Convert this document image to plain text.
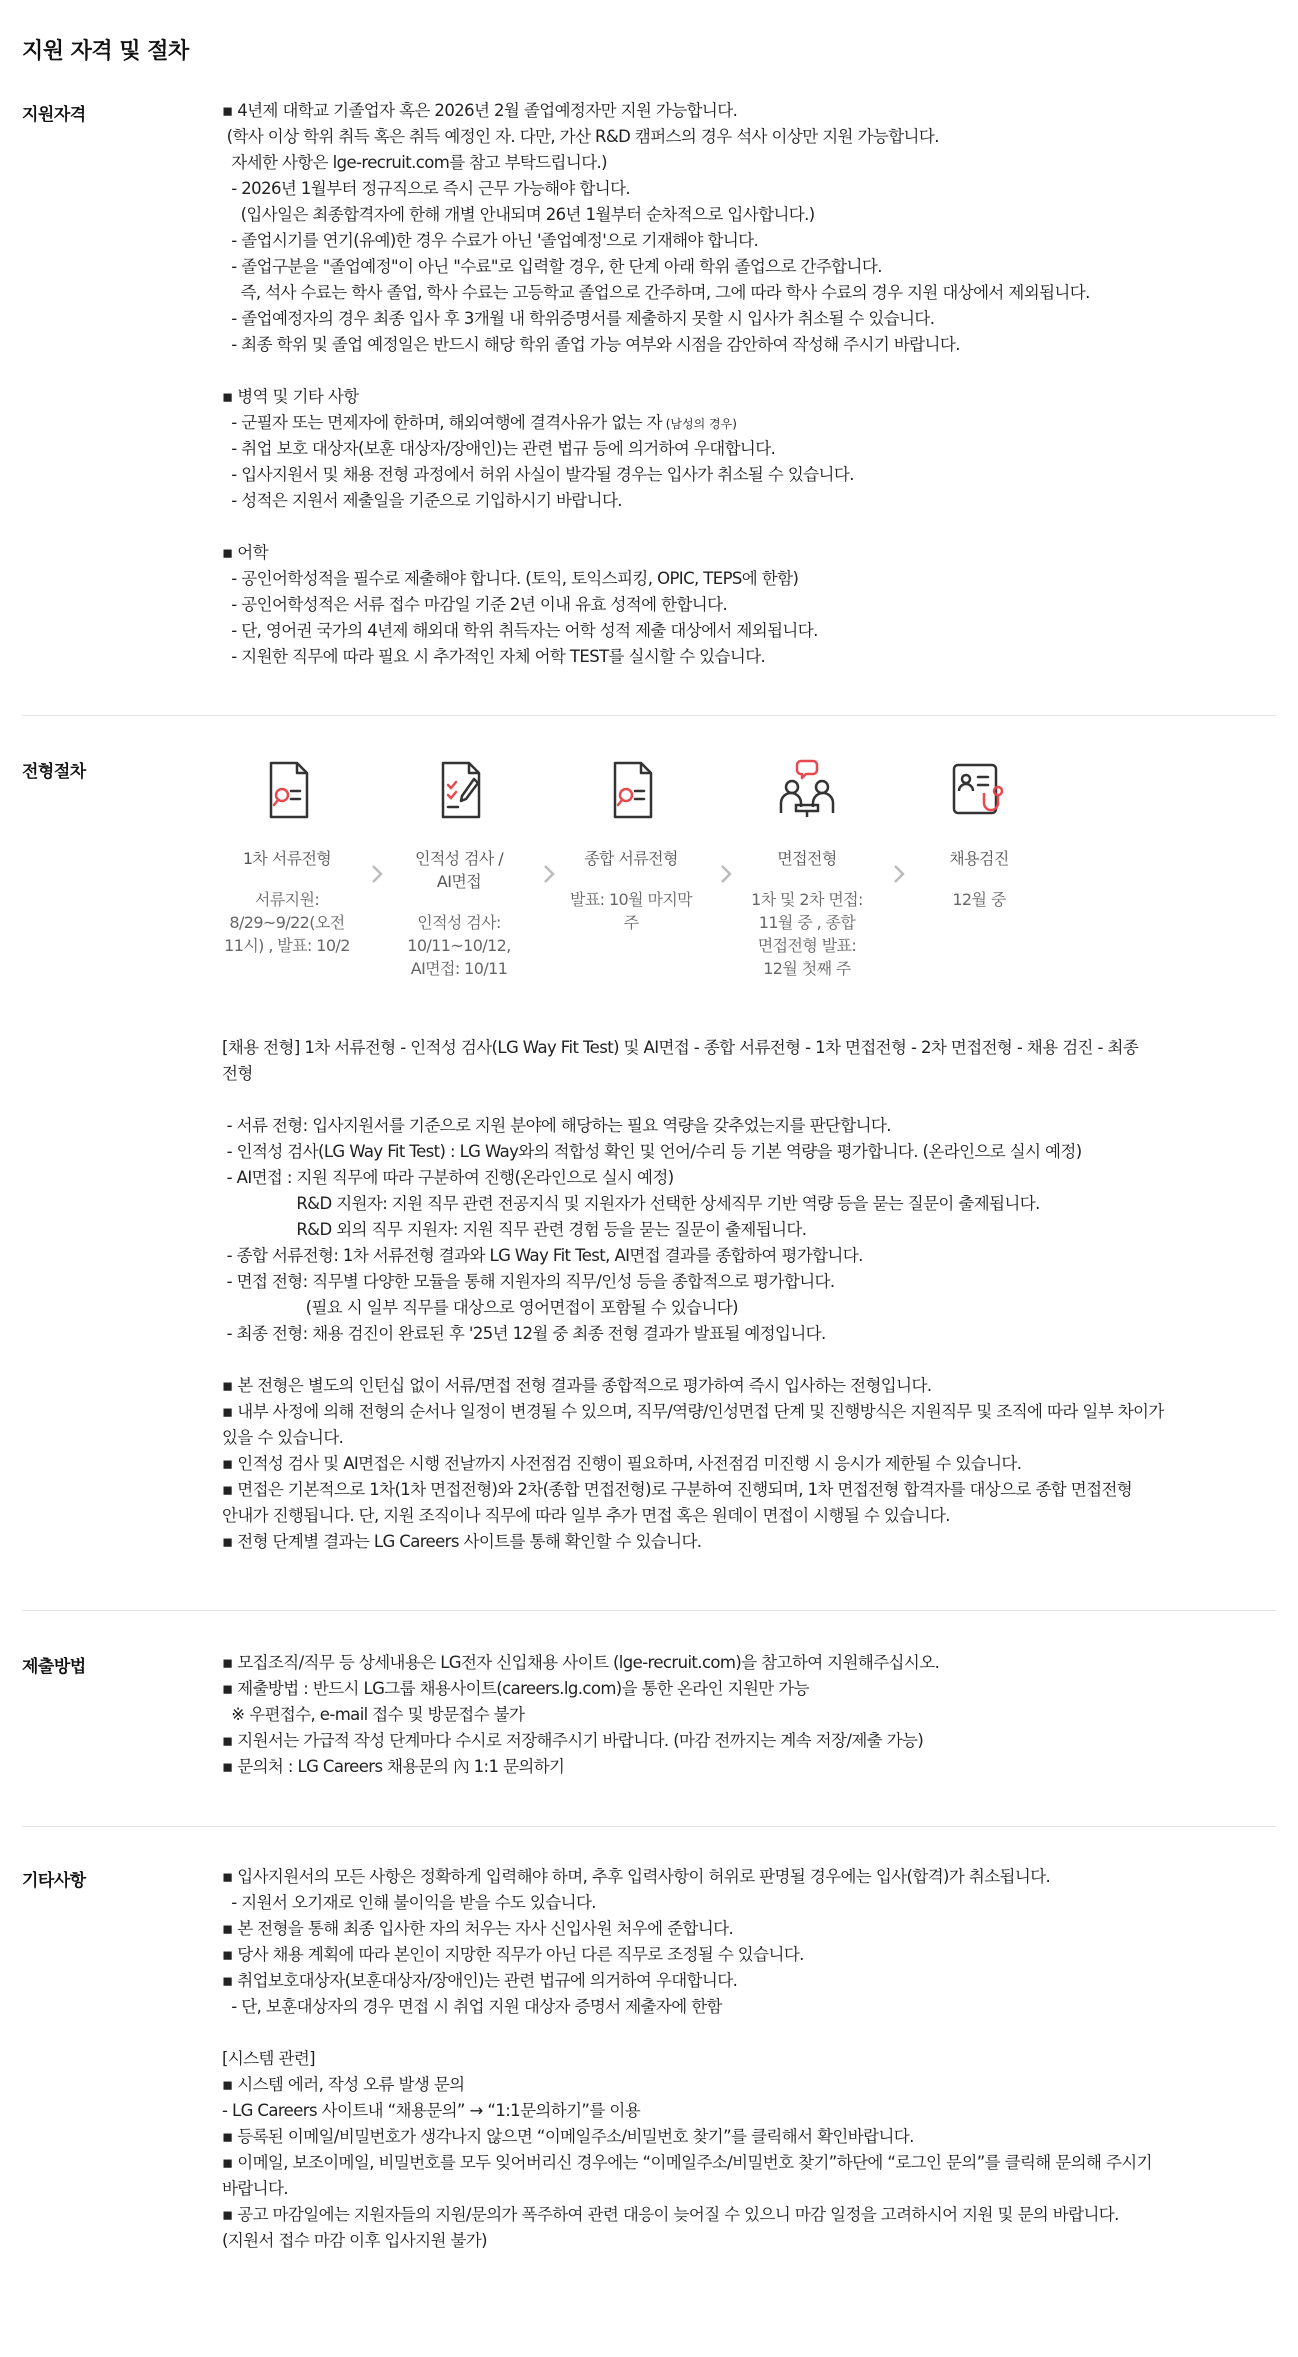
지원 자격 및 절차
지원자격	▪ 4년제 대학교 기졸업자 혹은 2026년 2월 졸업예정자만 지원 가능합니다.
(학사 이상 학위 취득 혹은 취득 예정인 자. 다만, 가산 R&D 캠퍼스의 경우 석사 이상만 지원 가능합니다.
자세한 사항은 lge-recruit.com를 참고 부탁드립니다.)
- 2026년 1월부터 정규직으로 즉시 근무 가능해야 합니다.
(입사일은 최종합격자에 한해 개별 안내되며 26년 1월부터 순차적으로 입사합니다.)
- 졸업시기를 연기(유예)한 경우 수료가 아닌 '졸업예정'으로 기재해야 합니다.
- 졸업구분을 "졸업예정"이 아닌 "수료"로 입력할 경우, 한 단계 아래 학위 졸업으로 간주합니다.
즉, 석사 수료는 학사 졸업, 학사 수료는 고등학교 졸업으로 간주하며, 그에 따라 학사 수료의 경우 지원 대상에서 제외됩니다.
- 졸업예정자의 경우 최종 입사 후 3개월 내 학위증명서를 제출하지 못할 시 입사가 취소될 수 있습니다.
- 최종 학위 및 졸업 예정일은 반드시 해당 학위 졸업 가능 여부와 시점을 감안하여 작성해 주시기 바랍니다.
▪ 병역 및 기타 사항
- 군필자 또는 면제자에 한하며, 해외여행에 결격사유가 없는 자 (남성의 경우)
- 취업 보호 대상자(보훈 대상자/장애인)는 관련 법규 등에 의거하여 우대합니다.
- 입사지원서 및 채용 전형 과정에서 허위 사실이 발각될 경우는 입사가 취소될 수 있습니다.
- 성적은 지원서 제출일을 기준으로 기입하시기 바랍니다.
▪ 어학
- 공인어학성적을 필수로 제출해야 합니다. (토익, 토익스피킹, OPIC, TEPS에 한함)
- 공인어학성적은 서류 접수 마감일 기준 2년 이내 유효 성적에 한합니다.
- 단, 영어권 국가의 4년제 해외대 학위 취득자는 어학 성적 제출 대상에서 제외됩니다.
- 지원한 직무에 따라 필요 시 추가적인 자체 어학 TEST를 실시할 수 있습니다.
전형절차
1차 서류전형
서류지원:
8/29~9/22(오전
11시) , 발표: 10/2
인적성 검사 /
AI면접
인적성 검사:
10/11~10/12,
AI면접: 10/11
종합 서류전형
발표: 10월 마지막
주
면접전형
1차 및 2차 면접:
11월 중 , 종합
면접전형 발표:
12월 첫째 주
채용검진
12월 중
[채용 전형] 1차 서류전형 - 인적성 검사(LG Way Fit Test) 및 AI면접 - 종합 서류전형 - 1차 면접전형 - 2차 면접전형 - 채용 검진 - 최종
전형
- 서류 전형: 입사지원서를 기준으로 지원 분야에 해당하는 필요 역량을 갖추었는지를 판단합니다.
- 인적성 검사(LG Way Fit Test) : LG Way와의 적합성 확인 및 언어/수리 등 기본 역량을 평가합니다. (온라인으로 실시 예정)
- AI면접 : 지원 직무에 따라 구분하여 진행(온라인으로 실시 예정)
R&D 지원자: 지원 직무 관련 전공지식 및 지원자가 선택한 상세직무 기반 역량 등을 묻는 질문이 출제됩니다.
R&D 외의 직무 지원자: 지원 직무 관련 경험 등을 묻는 질문이 출제됩니다.
- 종합 서류전형: 1차 서류전형 결과와 LG Way Fit Test, AI면접 결과를 종합하여 평가합니다.
- 면접 전형: 직무별 다양한 모듈을 통해 지원자의 직무/인성 등을 종합적으로 평가합니다.
(필요 시 일부 직무를 대상으로 영어면접이 포함될 수 있습니다)
- 최종 전형: 채용 검진이 완료된 후 '25년 12월 중 최종 전형 결과가 발표될 예정입니다.
▪ 본 전형은 별도의 인턴십 없이 서류/면접 전형 결과를 종합적으로 평가하여 즉시 입사하는 전형입니다.
▪ 내부 사정에 의해 전형의 순서나 일정이 변경될 수 있으며, 직무/역량/인성면접 단계 및 진행방식은 지원직무 및 조직에 따라 일부 차이가
있을 수 있습니다.
▪ 인적성 검사 및 AI면접은 시행 전날까지 사전점검 진행이 필요하며, 사전점검 미진행 시 응시가 제한될 수 있습니다.
▪ 면접은 기본적으로 1차(1차 면접전형)와 2차(종합 면접전형)로 구분하여 진행되며, 1차 면접전형 합격자를 대상으로 종합 면접전형
안내가 진행됩니다. 단, 지원 조직이나 직무에 따라 일부 추가 면접 혹은 원데이 면접이 시행될 수 있습니다.
▪ 전형 단계별 결과는 LG Careers 사이트를 통해 확인할 수 있습니다.
제출방법	▪ 모집조직/직무 등 상세내용은 LG전자 신입채용 사이트 (lge-recruit.com)을 참고하여 지원해주십시오.
▪ 제출방법 : 반드시 LG그룹 채용사이트(careers.lg.com)을 통한 온라인 지원만 가능
※ 우편접수, e-mail 접수 및 방문접수 불가
▪ 지원서는 가급적 작성 단계마다 수시로 저장해주시기 바랍니다. (마감 전까지는 계속 저장/제출 가능)
▪ 문의처 : LG Careers 채용문의 內 1:1 문의하기
기타사항	▪ 입사지원서의 모든 사항은 정확하게 입력해야 하며, 추후 입력사항이 허위로 판명될 경우에는 입사(합격)가 취소됩니다.
- 지원서 오기재로 인해 불이익을 받을 수도 있습니다.
▪ 본 전형을 통해 최종 입사한 자의 처우는 자사 신입사원 처우에 준합니다.
▪ 당사 채용 계획에 따라 본인이 지망한 직무가 아닌 다른 직무로 조정될 수 있습니다.
▪ 취업보호대상자(보훈대상자/장애인)는 관련 법규에 의거하여 우대합니다.
- 단, 보훈대상자의 경우 면접 시 취업 지원 대상자 증명서 제출자에 한함
[시스템 관련]
▪ 시스템 에러, 작성 오류 발생 문의
- LG Careers 사이트내 “채용문의” → “1:1문의하기”를 이용
▪ 등록된 이메일/비밀번호가 생각나지 않으면 “이메일주소/비밀번호 찾기”를 클릭해서 확인바랍니다.
▪ 이메일, 보조이메일, 비밀번호를 모두 잊어버리신 경우에는 “이메일주소/비밀번호 찾기”하단에 “로그인 문의”를 클릭해 문의해 주시기
바랍니다.
▪ 공고 마감일에는 지원자들의 지원/문의가 폭주하여 관련 대응이 늦어질 수 있으니 마감 일정을 고려하시어 지원 및 문의 바랍니다.
(지원서 접수 마감 이후 입사지원 불가)
